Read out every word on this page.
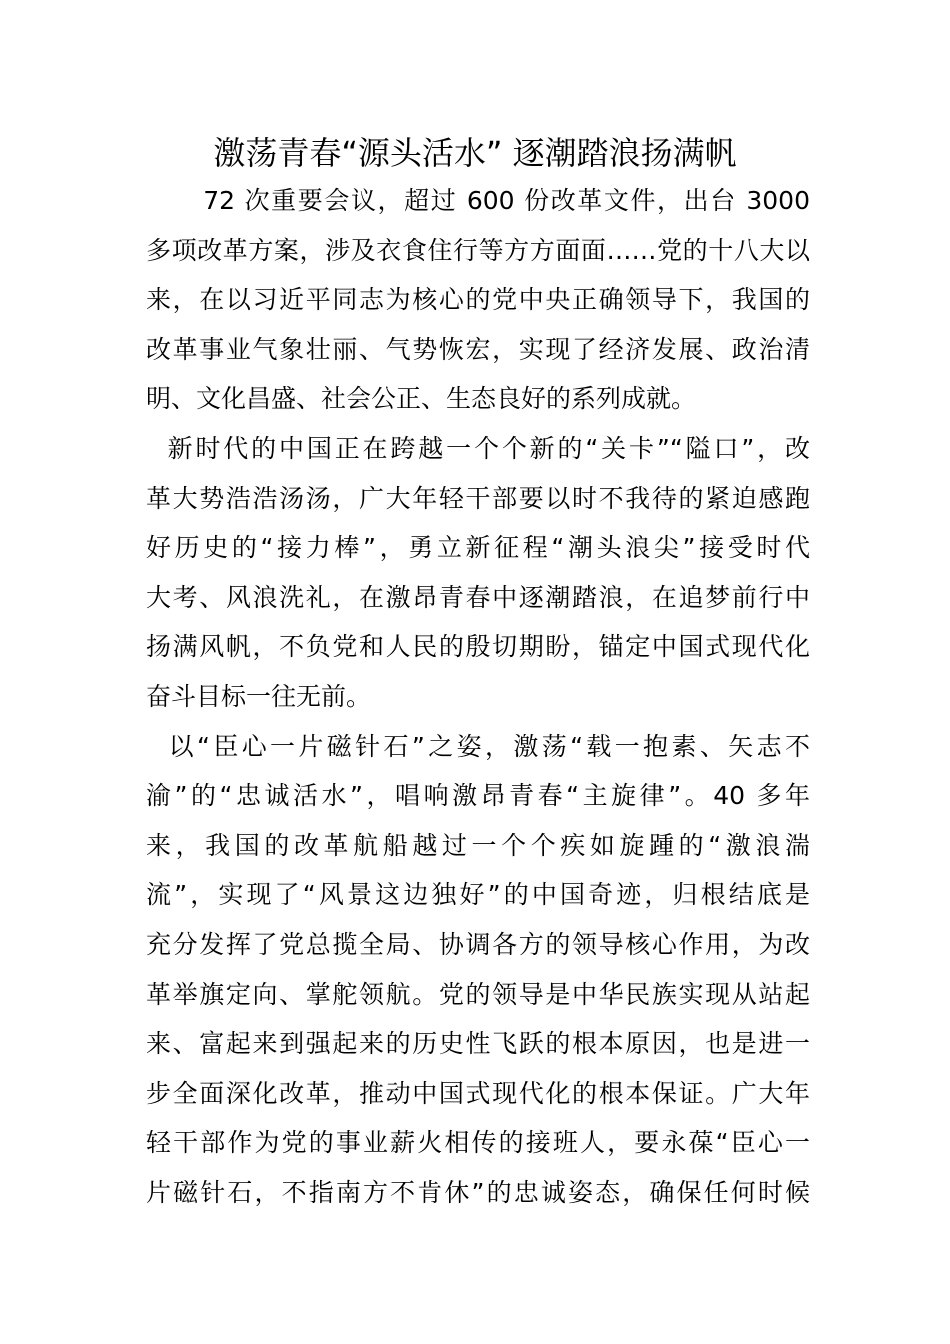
激荡青春“源头活水” 逐潮踏浪扬满帆
72 次重要会议，超过 600 份改革文件，出台 3000
多项改革方案，涉及衣食住行等方方面面……党的十八大以
来，在以习近平同志为核心的党中央正确领导下，我国的
改革事业气象壮丽、气势恢宏，实现了经济发展、政治清
明、文化昌盛、社会公正、生态良好的系列成就。
新时代的中国正在跨越一个个新的“关卡”“隘口”，改
革大势浩浩汤汤，广大年轻干部要以时不我待的紧迫感跑
好历史的“接力棒”，勇立新征程“潮头浪尖”接受时代
大考、风浪洗礼，在激昂青春中逐潮踏浪，在追梦前行中
扬满风帆，不负党和人民的殷切期盼，锚定中国式现代化
奋斗目标一往无前。
以“臣心一片磁针石”之姿，激荡“载一抱素、矢志不
渝”的“忠诚活水”，唱响激昂青春“主旋律”。40 多年
来，我国的改革航船越过一个个疾如旋踵的“激浪湍
流”，实现了“风景这边独好”的中国奇迹，归根结底是
充分发挥了党总揽全局、协调各方的领导核心作用，为改
革举旗定向、掌舵领航。党的领导是中华民族实现从站起
来、富起来到强起来的历史性飞跃的根本原因，也是进一
步全面深化改革，推动中国式现代化的根本保证。广大年
轻干部作为党的事业薪火相传的接班人，要永葆“臣心一
片磁针石，不指南方不肯休”的忠诚姿态，确保任何时候
